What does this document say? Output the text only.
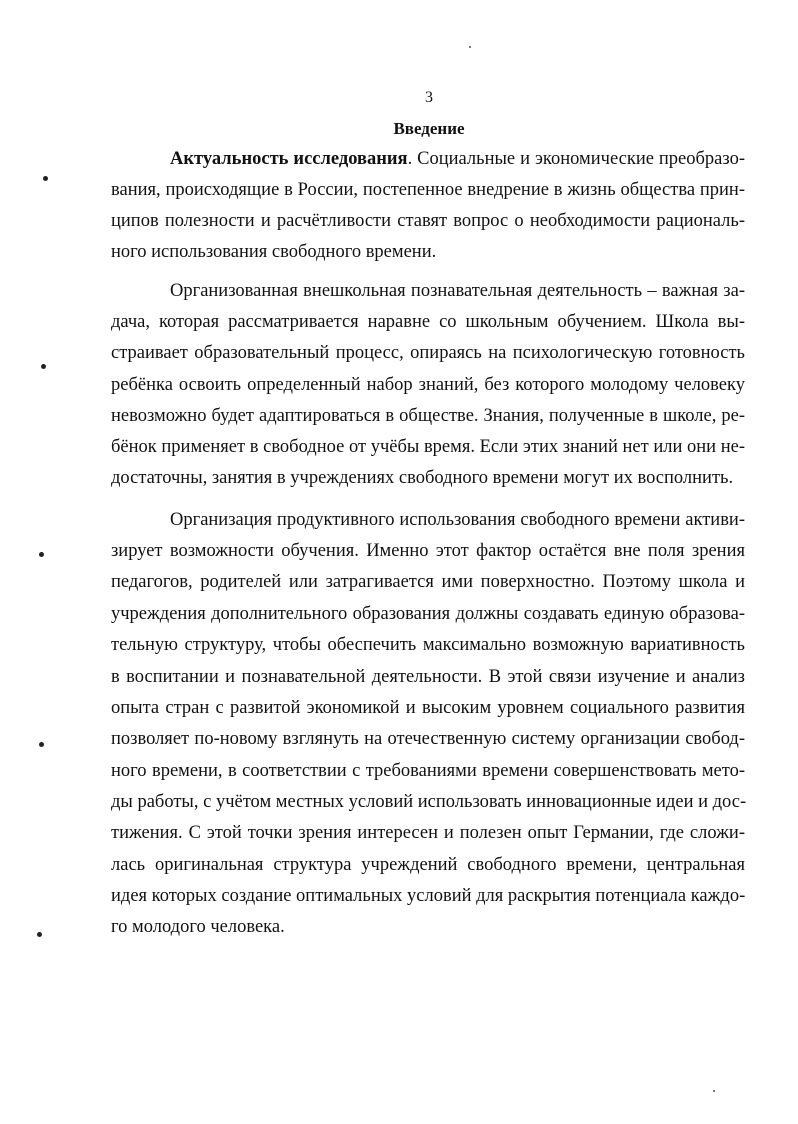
3
Введение
Актуальность исследования. Социальные и экономические преобразо-
вания, происходящие в России, постепенное внедрение в жизнь общества прин-
ципов полезности и расчётливости ставят вопрос о необходимости рациональ-
ного использования свободного времени.
Организованная внешкольная познавательная деятельность – важная за-
дача, которая рассматривается наравне со школьным обучением. Школа вы-
страивает образовательный процесс, опираясь на психологическую готовность
ребёнка освоить определенный набор знаний, без которого молодому человеку
невозможно будет адаптироваться в обществе. Знания, полученные в школе, ре-
бёнок применяет в свободное от учёбы время. Если этих знаний нет или они не-
достаточны, занятия в учреждениях свободного времени могут их восполнить.
Организация продуктивного использования свободного времени активи-
зирует возможности обучения. Именно этот фактор остаётся вне поля зрения
педагогов, родителей или затрагивается ими поверхностно. Поэтому школа и
учреждения дополнительного образования должны создавать единую образова-
тельную структуру, чтобы обеспечить максимально возможную вариативность
в воспитании и познавательной деятельности. В этой связи изучение и анализ
опыта стран с развитой экономикой и высоким уровнем социального развития
позволяет по-новому взглянуть на отечественную систему организации свобод-
ного времени, в соответствии с требованиями времени совершенствовать мето-
ды работы, с учётом местных условий использовать инновационные идеи и дос-
тижения. С этой точки зрения интересен и полезен опыт Германии, где сложи-
лась оригинальная структура учреждений свободного времени, центральная
идея которых создание оптимальных условий для раскрытия потенциала каждо-
го молодого человека.
